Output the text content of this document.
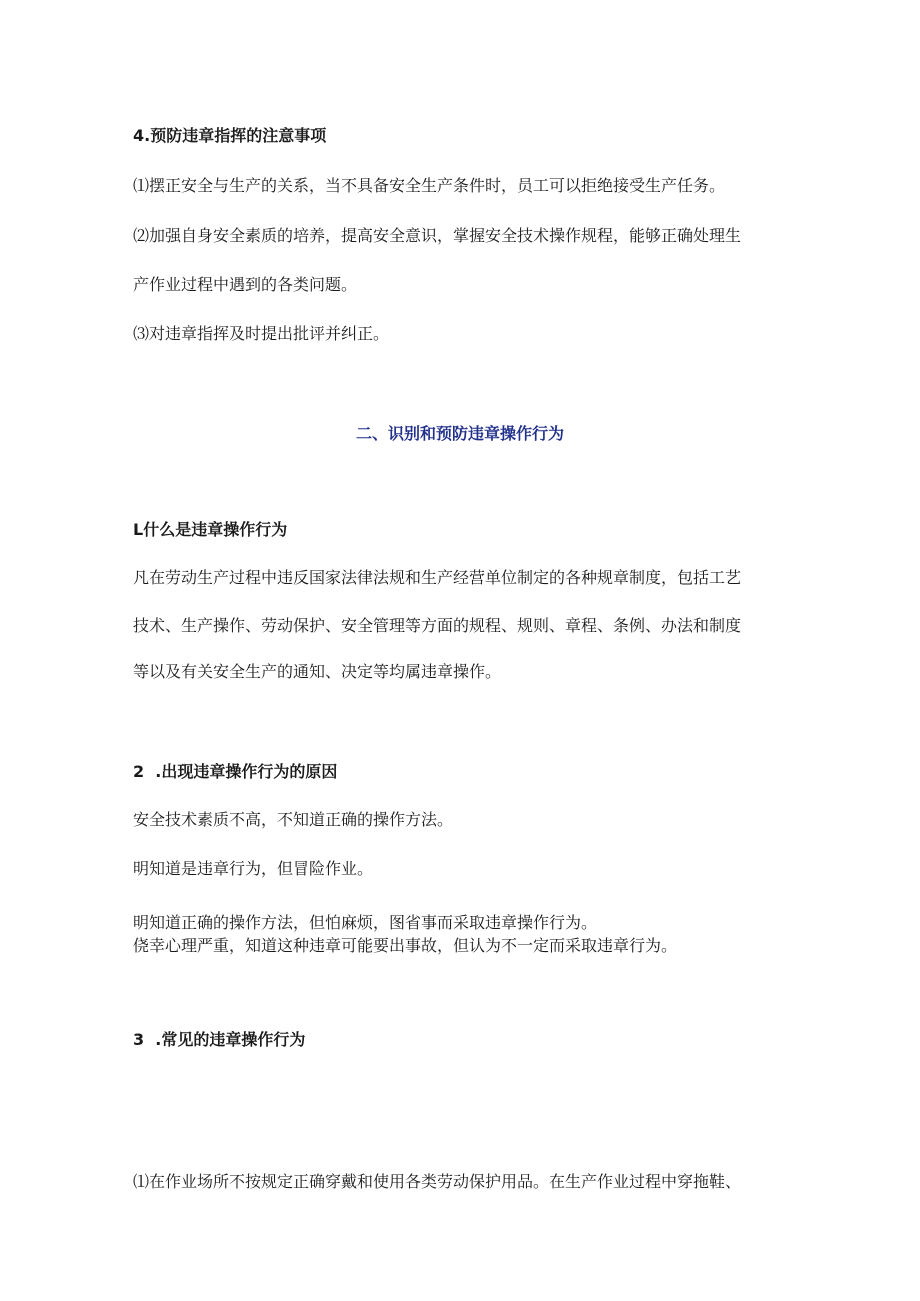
4.预防违章指挥的注意事项

⑴摆正安全与生产的关系，当不具备安全生产条件时，员工可以拒绝接受生产任务。

⑵加强自身安全素质的培养，提高安全意识，掌握安全技术操作规程，能够正确处理生

产作业过程中遇到的各类问题。

⑶对违章指挥及时提出批评并纠正。

二、识别和预防违章操作行为

L什么是违章操作行为

凡在劳动生产过程中违反国家法律法规和生产经营单位制定的各种规章制度，包括工艺

技术、生产操作、劳动保护、安全管理等方面的规程、规则、章程、条例、办法和制度

等以及有关安全生产的通知、决定等均属违章操作。

2  .出现违章操作行为的原因

安全技术素质不高，不知道正确的操作方法。

明知道是违章行为，但冒险作业。

明知道正确的操作方法，但怕麻烦，图省事而采取违章操作行为。

侥幸心理严重，知道这种违章可能要出事故，但认为不一定而采取违章行为。

3  .常见的违章操作行为

⑴在作业场所不按规定正确穿戴和使用各类劳动保护用品。在生产作业过程中穿拖鞋、
